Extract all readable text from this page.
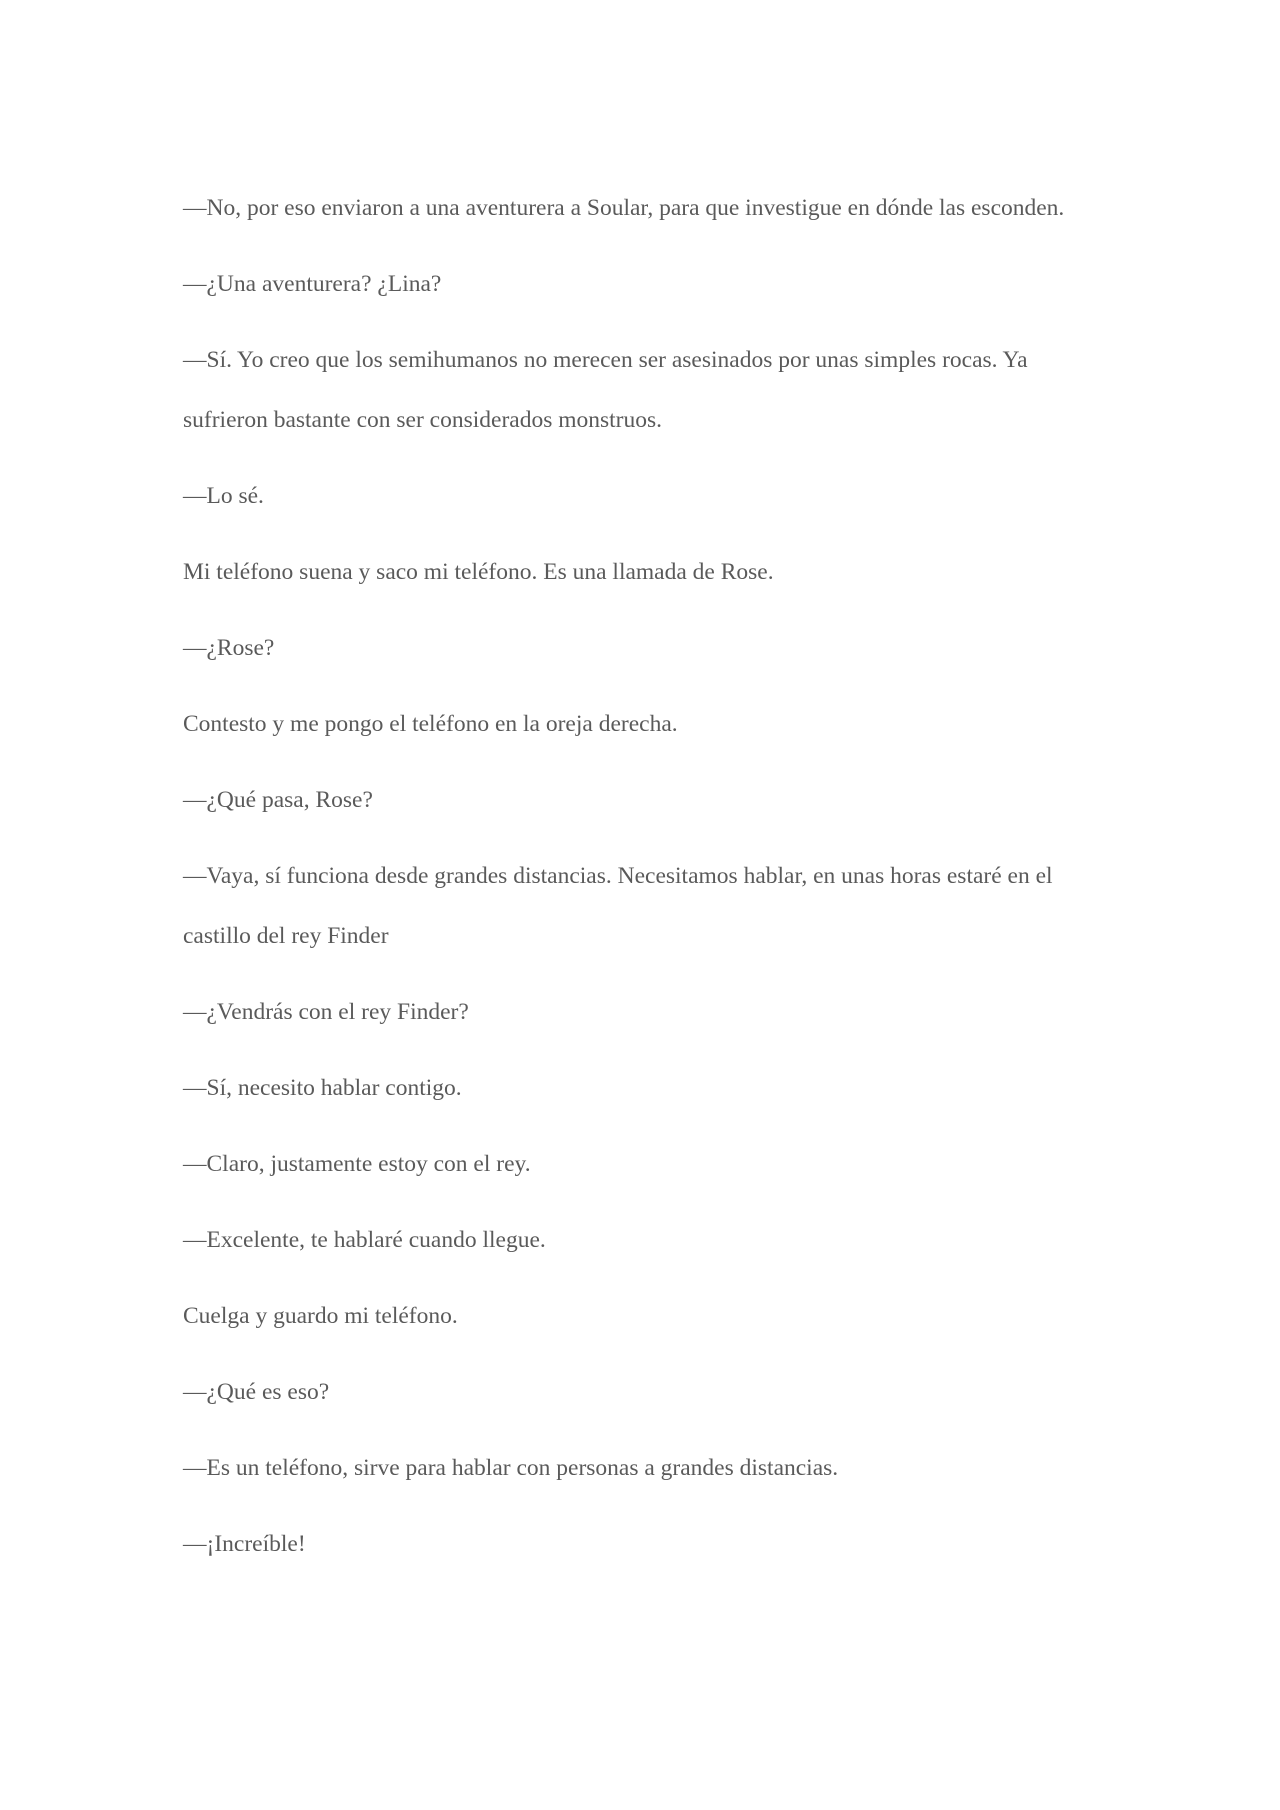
—No, por eso enviaron a una aventurera a Soular, para que investigue en dónde las esconden.

—¿Una aventurera? ¿Lina?

—Sí. Yo creo que los semihumanos no merecen ser asesinados por unas simples rocas. Ya sufrieron bastante con ser considerados monstruos.

—Lo sé.

Mi teléfono suena y saco mi teléfono. Es una llamada de Rose.

—¿Rose?

Contesto y me pongo el teléfono en la oreja derecha.

—¿Qué pasa, Rose?

—Vaya, sí funciona desde grandes distancias. Necesitamos hablar, en unas horas estaré en el castillo del rey Finder

—¿Vendrás con el rey Finder?

—Sí, necesito hablar contigo.

—Claro, justamente estoy con el rey.

—Excelente, te hablaré cuando llegue.

Cuelga y guardo mi teléfono.

—¿Qué es eso?

—Es un teléfono, sirve para hablar con personas a grandes distancias.

—¡Increíble!
